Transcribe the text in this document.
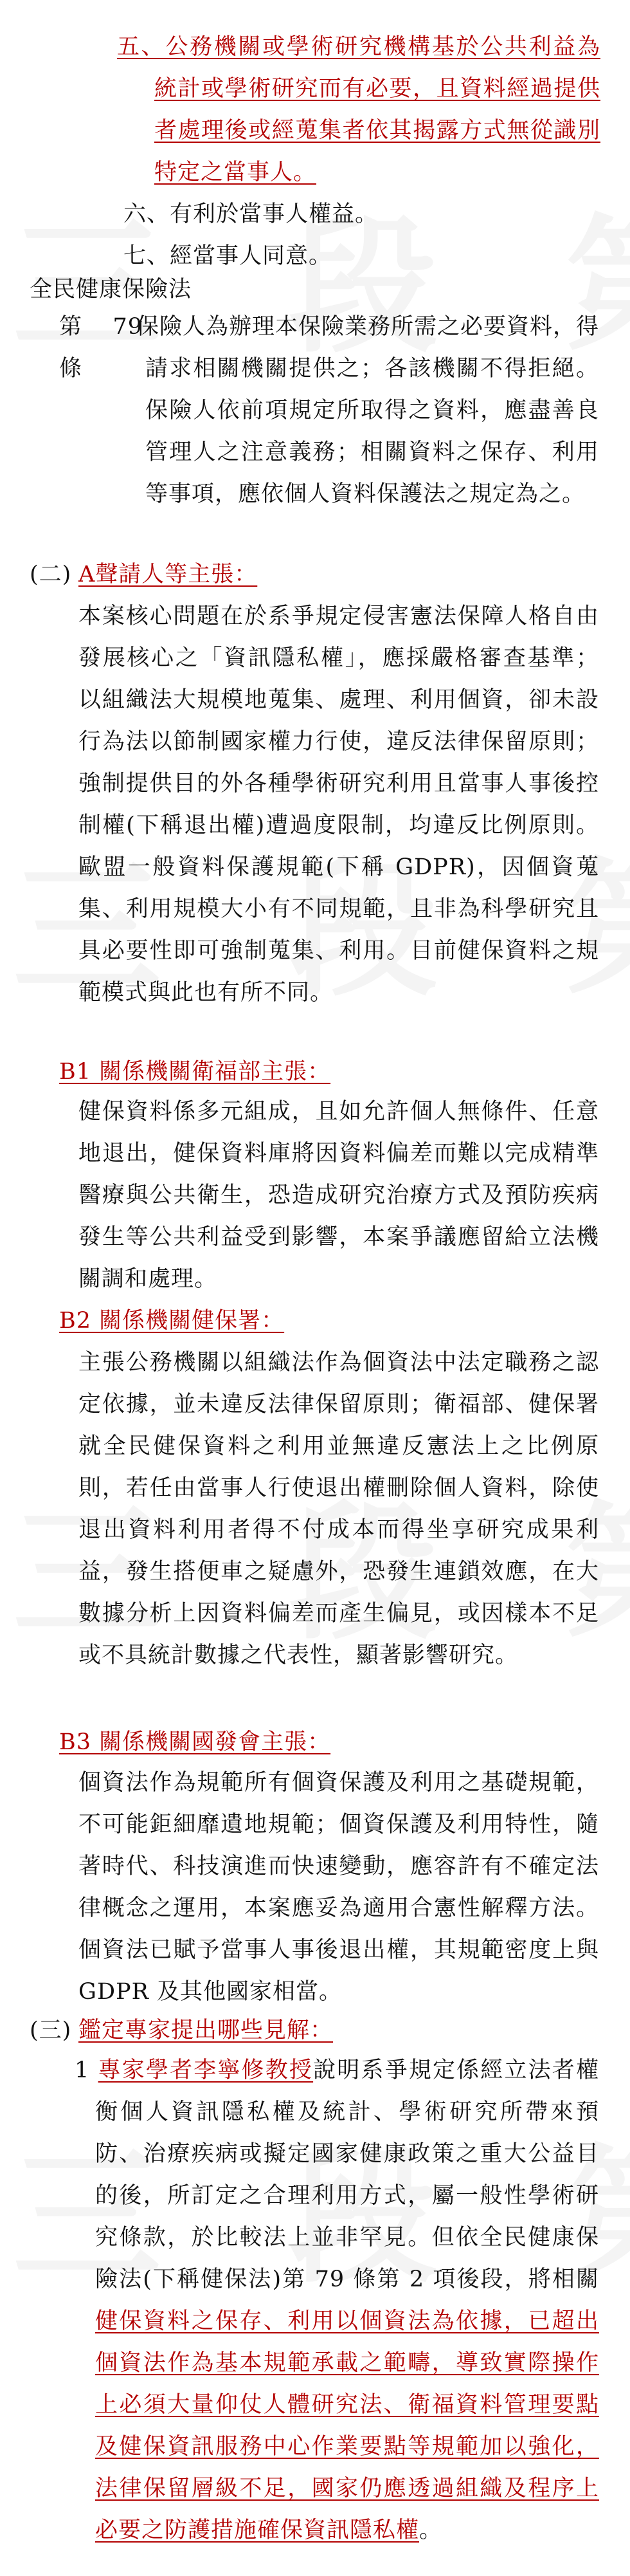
五、公務機關或學術研究機構基於公共利益為統計或學術研究而有必要，且資料經過提供者處理後或經蒐集者依其揭露方式無從識別特定之當事人。

六、有利於當事人權益。

七、經當事人同意。

全民健康保險法

第 79 條

保險人為辦理本保險業務所需之必要資料，得請求相關機關提供之；各該機關不得拒絕。保險人依前項規定所取得之資料，應盡善良管理人之注意義務；相關資料之保存、利用等事項，應依個人資料保護法之規定為之。

(二) A聲請人等主張：

本案核心問題在於系爭規定侵害憲法保障人格自由發展核心之「資訊隱私權」，應採嚴格審查基準；以組織法大規模地蒐集、處理、利用個資，卻未設行為法以節制國家權力行使，違反法律保留原則；強制提供目的外各種學術研究利用且當事人事後控制權(下稱退出權)遭過度限制，均違反比例原則。歐盟一般資料保護規範(下稱 GDPR)，因個資蒐集、利用規模大小有不同規範，且非為科學研究且具必要性即可強制蒐集、利用。目前健保資料之規範模式與此也有所不同。

B1 關係機關衛福部主張：

健保資料係多元組成，且如允許個人無條件、任意地退出，健保資料庫將因資料偏差而難以完成精準醫療與公共衛生，恐造成研究治療方式及預防疾病發生等公共利益受到影響，本案爭議應留給立法機關調和處理。

B2 關係機關健保署：

主張公務機關以組織法作為個資法中法定職務之認定依據，並未違反法律保留原則；衛福部、健保署就全民健保資料之利用並無違反憲法上之比例原則，若任由當事人行使退出權刪除個人資料，除使退出資料利用者得不付成本而得坐享研究成果利益，發生搭便車之疑慮外，恐發生連鎖效應，在大數據分析上因資料偏差而產生偏見，或因樣本不足或不具統計數據之代表性，顯著影響研究。

B3 關係機關國發會主張：

個資法作為規範所有個資保護及利用之基礎規範，不可能鉅細靡遺地規範；個資保護及利用特性，隨著時代、科技演進而快速變動，應容許有不確定法律概念之運用，本案應妥為適用合憲性解釋方法。個資法已賦予當事人事後退出權，其規範密度上與 GDPR 及其他國家相當。

(三) 鑑定專家提出哪些見解：

1 專家學者李寧修教授說明系爭規定係經立法者權衡個人資訊隱私權及統計、學術研究所帶來預防、治療疾病或擬定國家健康政策之重大公益目的後，所訂定之合理利用方式，屬一般性學術研究條款，於比較法上並非罕見。但依全民健康保險法(下稱健保法)第 79 條第 2 項後段，將相關健保資料之保存、利用以個資法為依據，已超出個資法作為基本規範承載之範疇，導致實際操作上必須大量仰仗人體研究法、衛福資料管理要點及健保資訊服務中心作業要點等規範加以強化，法律保留層級不足，國家仍應透過組織及程序上必要之防護措施確保資訊隱私權。
